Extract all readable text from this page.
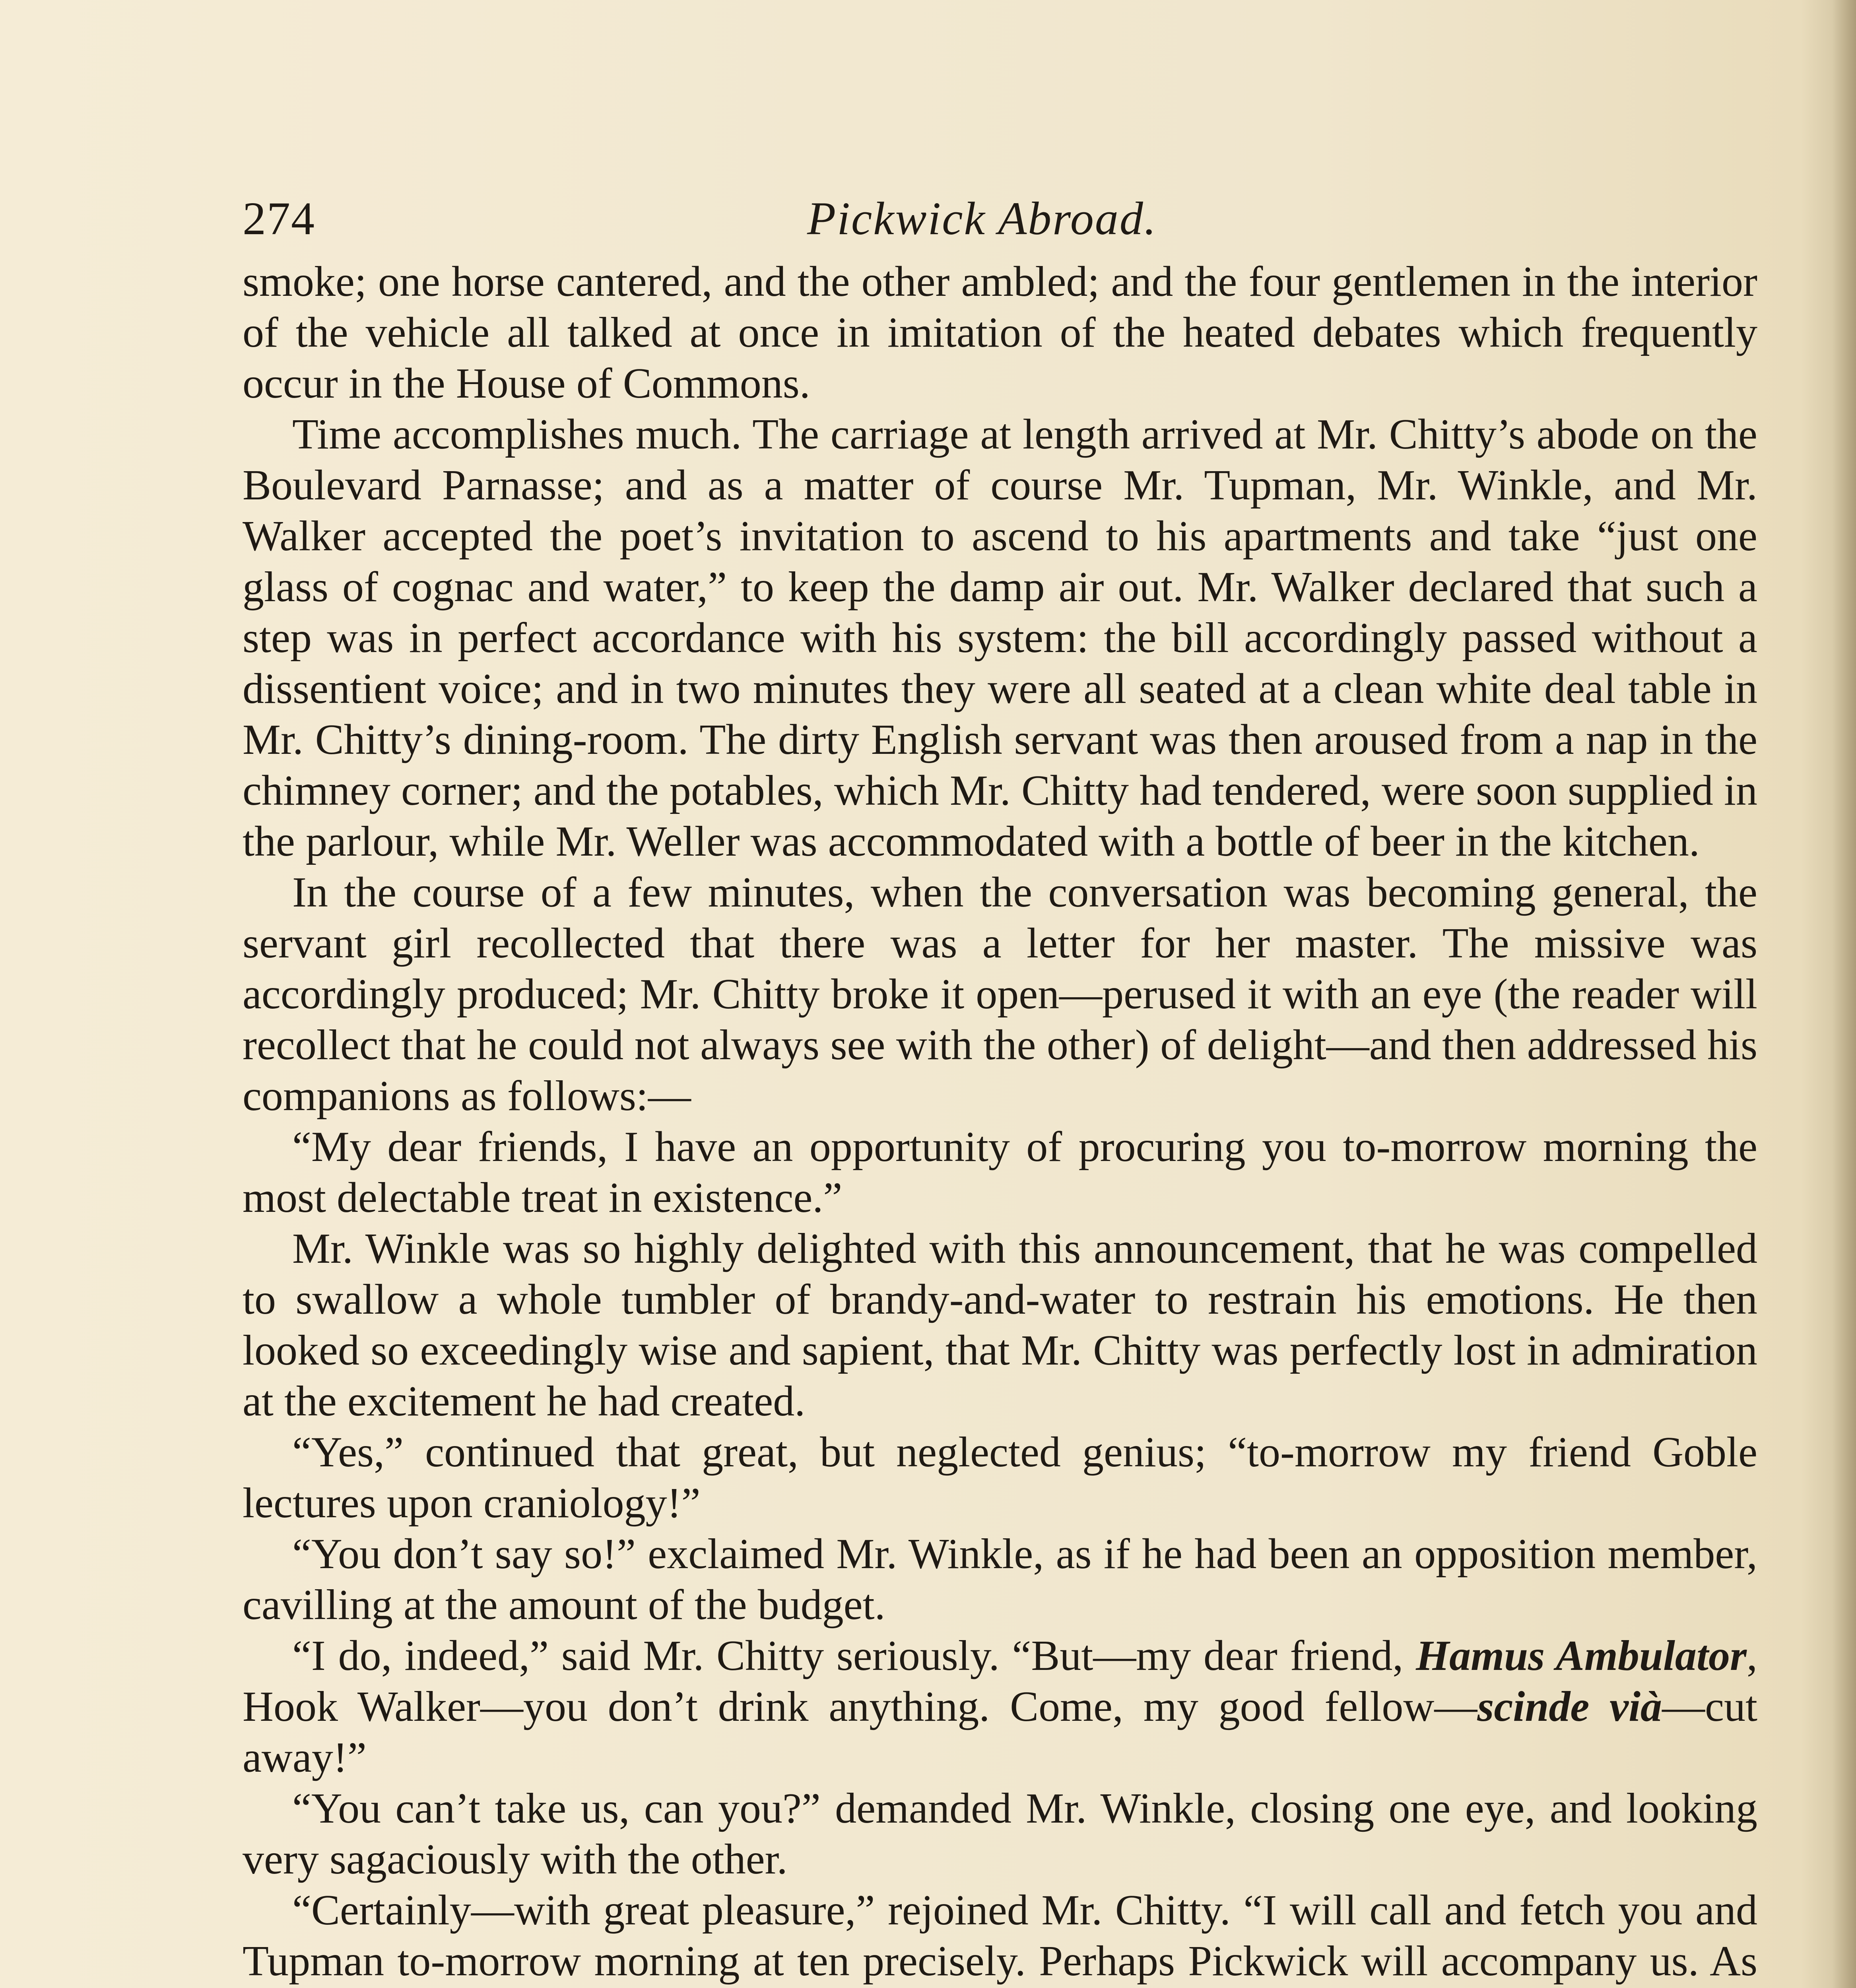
274	Pickwick Abroad.

smoke; one horse cantered, and the other ambled; and the four gentlemen in the interior of the vehicle all talked at once in imitation of the heated debates which frequently occur in the House of Commons.

Time accomplishes much. The carriage at length arrived at Mr. Chitty’s abode on the Boulevard Parnasse; and as a matter of course Mr. Tupman, Mr. Winkle, and Mr. Walker accepted the poet’s invitation to ascend to his apartments and take “just one glass of cognac and water,” to keep the damp air out. Mr. Walker declared that such a step was in perfect accordance with his system: the bill accordingly passed without a dissentient voice; and in two minutes they were all seated at a clean white deal table in Mr. Chitty’s dining-room. The dirty English servant was then aroused from a nap in the chimney corner; and the potables, which Mr. Chitty had tendered, were soon supplied in the parlour, while Mr. Weller was accommodated with a bottle of beer in the kitchen.

In the course of a few minutes, when the conversation was becoming general, the servant girl recollected that there was a letter for her master. The missive was accordingly produced; Mr. Chitty broke it open—perused it with an eye (the reader will recollect that he could not always see with the other) of delight—and then addressed his companions as follows:—

“My dear friends, I have an opportunity of procuring you to-morrow morning the most delectable treat in existence.”

Mr. Winkle was so highly delighted with this announcement, that he was compelled to swallow a whole tumbler of brandy-and-water to restrain his emotions. He then looked so exceedingly wise and sapient, that Mr. Chitty was perfectly lost in admiration at the excitement he had created.

“Yes,” continued that great, but neglected genius; “to-morrow my friend Goble lectures upon craniology!”

“You don’t say so!” exclaimed Mr. Winkle, as if he had been an opposition member, cavilling at the amount of the budget.

“I do, indeed,” said Mr. Chitty seriously. “But—my dear friend, Hamus Ambulator, Hook Walker—you don’t drink anything. Come, my good fellow—scinde vià—cut away!”

“You can’t take us, can you?” demanded Mr. Winkle, closing one eye, and looking very sagaciously with the other.

“Certainly—with great pleasure,” rejoined Mr. Chitty. “I will call and fetch you and Tupman to-morrow morning at ten precisely. Perhaps Pickwick will accompany us. As
